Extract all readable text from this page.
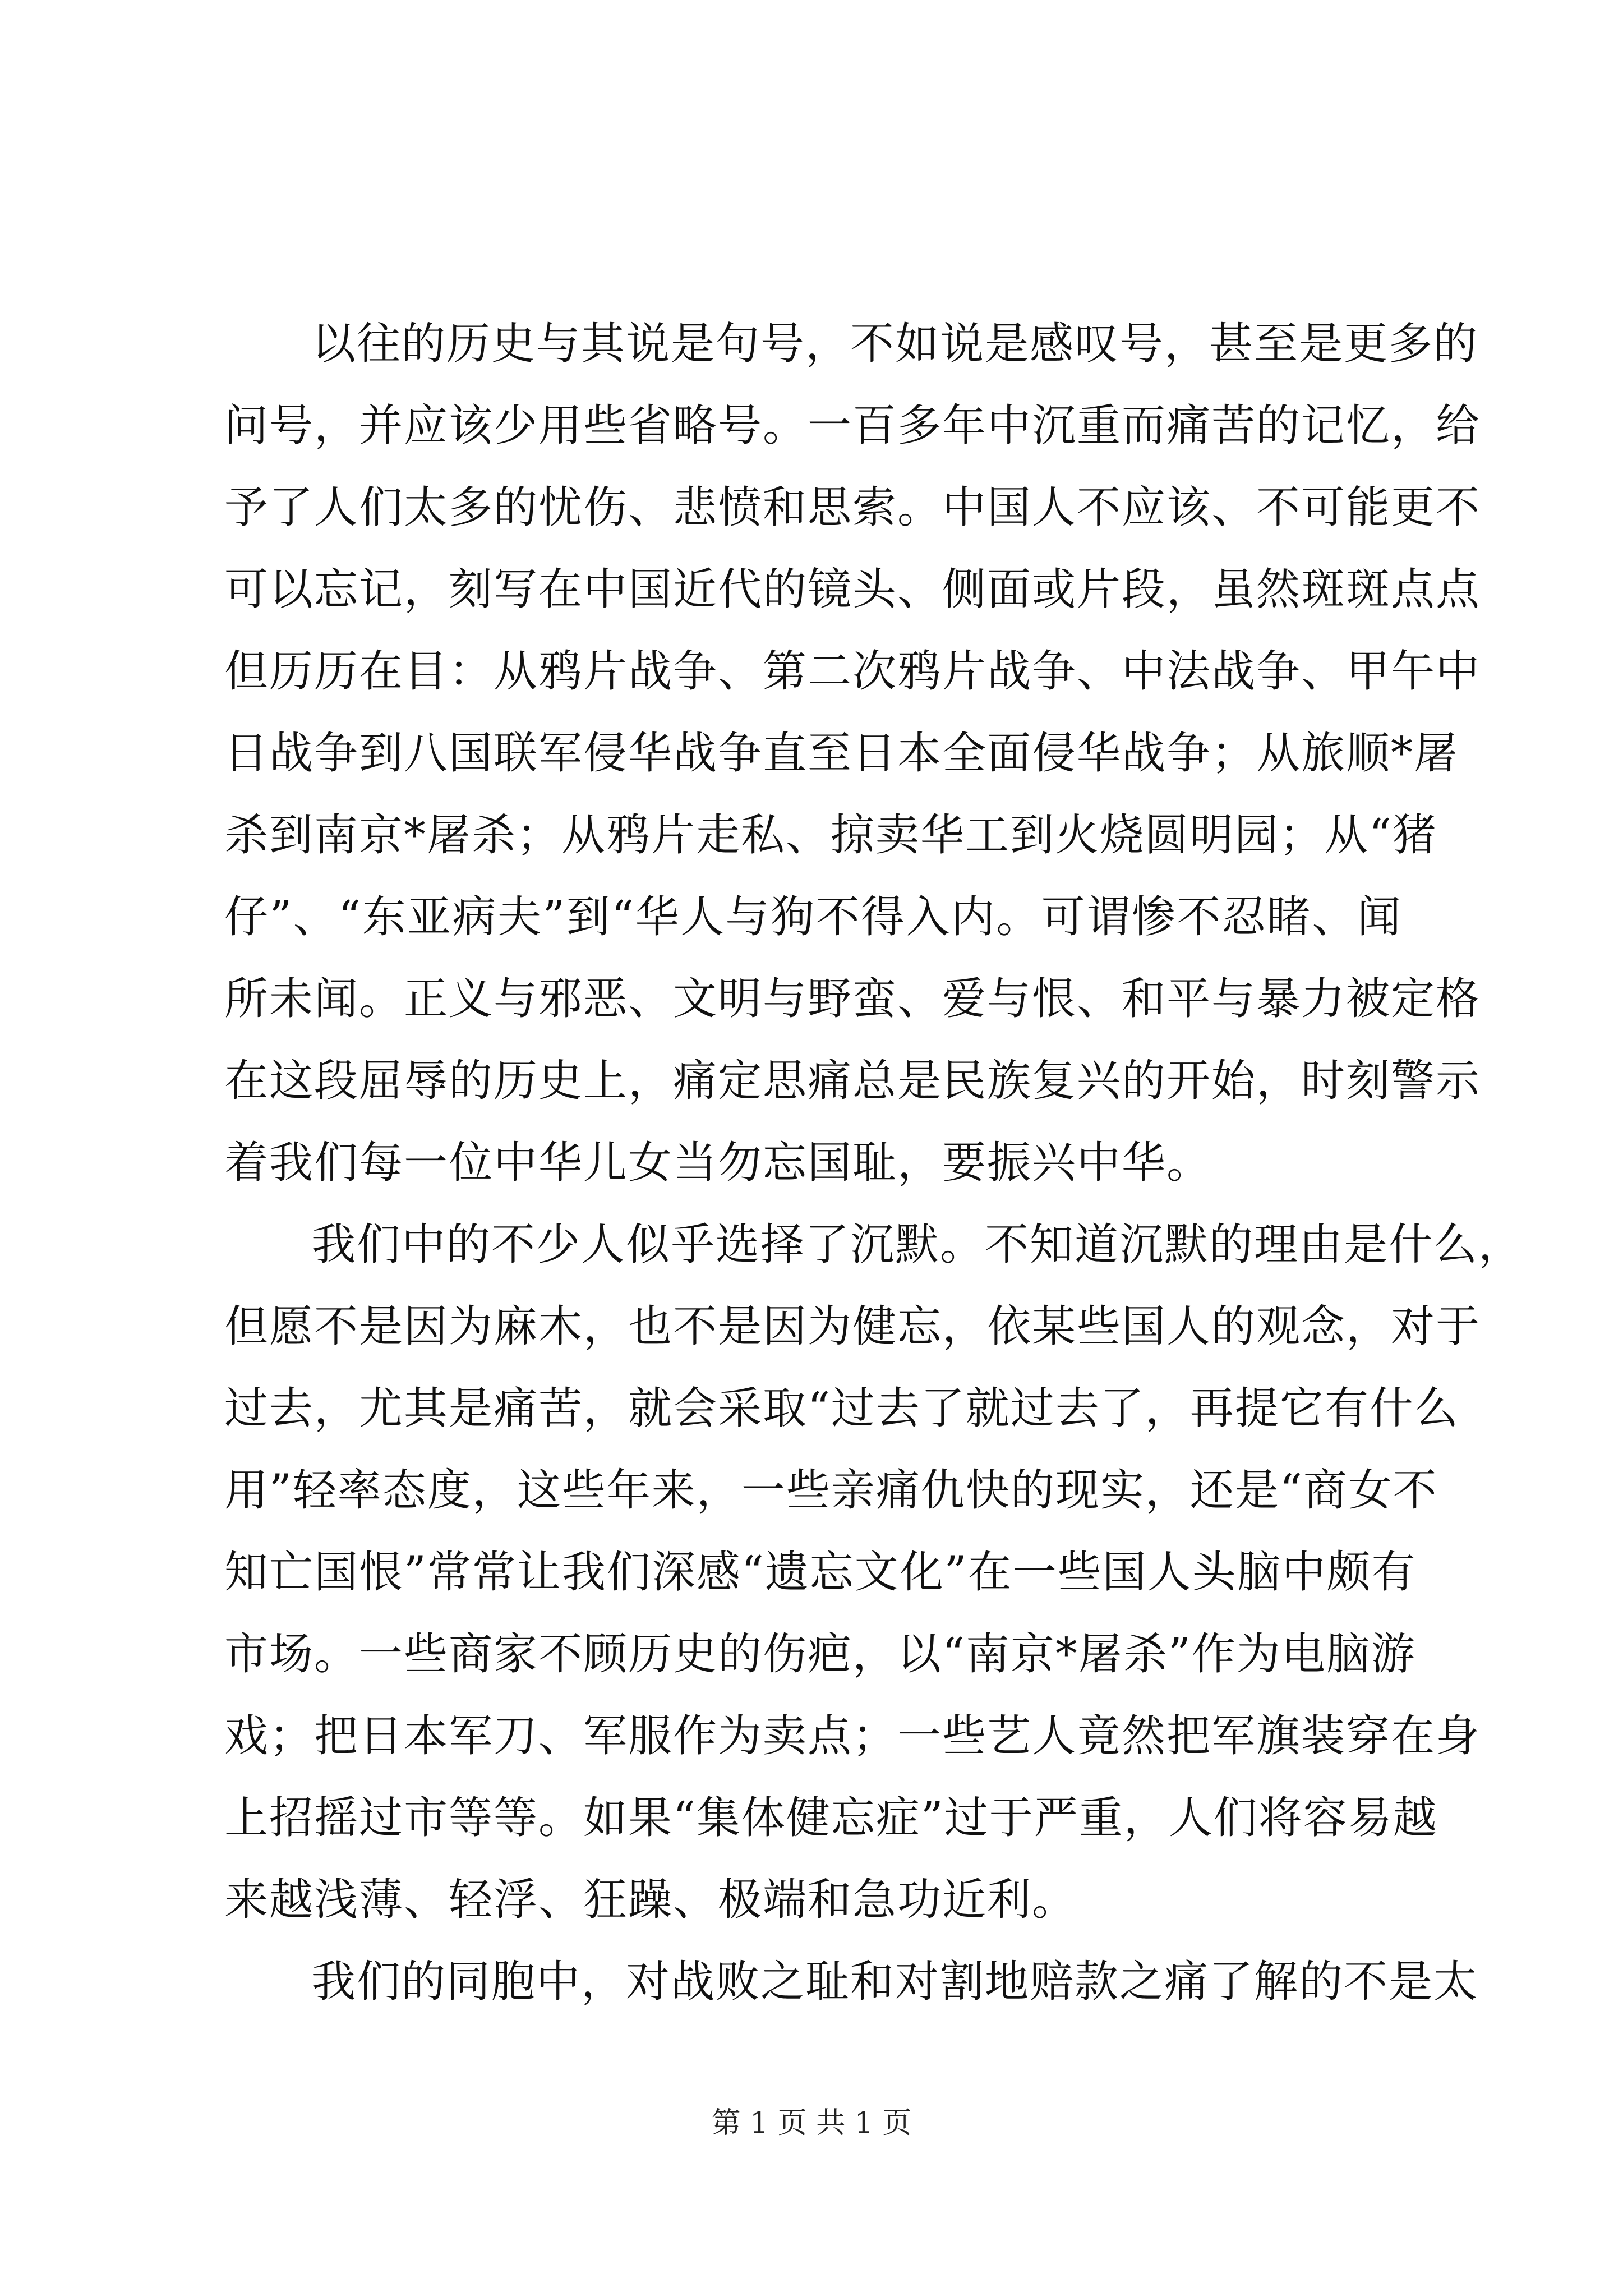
以往的历史与其说是句号，不如说是感叹号，甚至是更多的
问号，并应该少用些省略号。一百多年中沉重而痛苦的记忆，给
予了人们太多的忧伤、悲愤和思索。中国人不应该、不可能更不
可以忘记，刻写在中国近代的镜头、侧面或片段，虽然斑斑点点
但历历在目：从鸦片战争、第二次鸦片战争、中法战争、甲午中
日战争到八国联军侵华战争直至日本全面侵华战争；从旅顺*屠
杀到南京*屠杀；从鸦片走私、掠卖华工到火烧圆明园；从“猪
仔”、“东亚病夫”到“华人与狗不得入内。可谓惨不忍睹、闻
所未闻。正义与邪恶、文明与野蛮、爱与恨、和平与暴力被定格
在这段屈辱的历史上，痛定思痛总是民族复兴的开始，时刻警示
着我们每一位中华儿女当勿忘国耻，要振兴中华。
我们中的不少人似乎选择了沉默。不知道沉默的理由是什么，
但愿不是因为麻木，也不是因为健忘，依某些国人的观念，对于
过去，尤其是痛苦，就会采取“过去了就过去了，再提它有什么
用”轻率态度，这些年来，一些亲痛仇快的现实，还是“商女不
知亡国恨”常常让我们深感“遗忘文化”在一些国人头脑中颇有
市场。一些商家不顾历史的伤疤，以“南京*屠杀”作为电脑游
戏；把日本军刀、军服作为卖点；一些艺人竟然把军旗装穿在身
上招摇过市等等。如果“集体健忘症”过于严重，人们将容易越
来越浅薄、轻浮、狂躁、极端和急功近利。
我们的同胞中，对战败之耻和对割地赔款之痛了解的不是太
第 1 页 共 1 页
